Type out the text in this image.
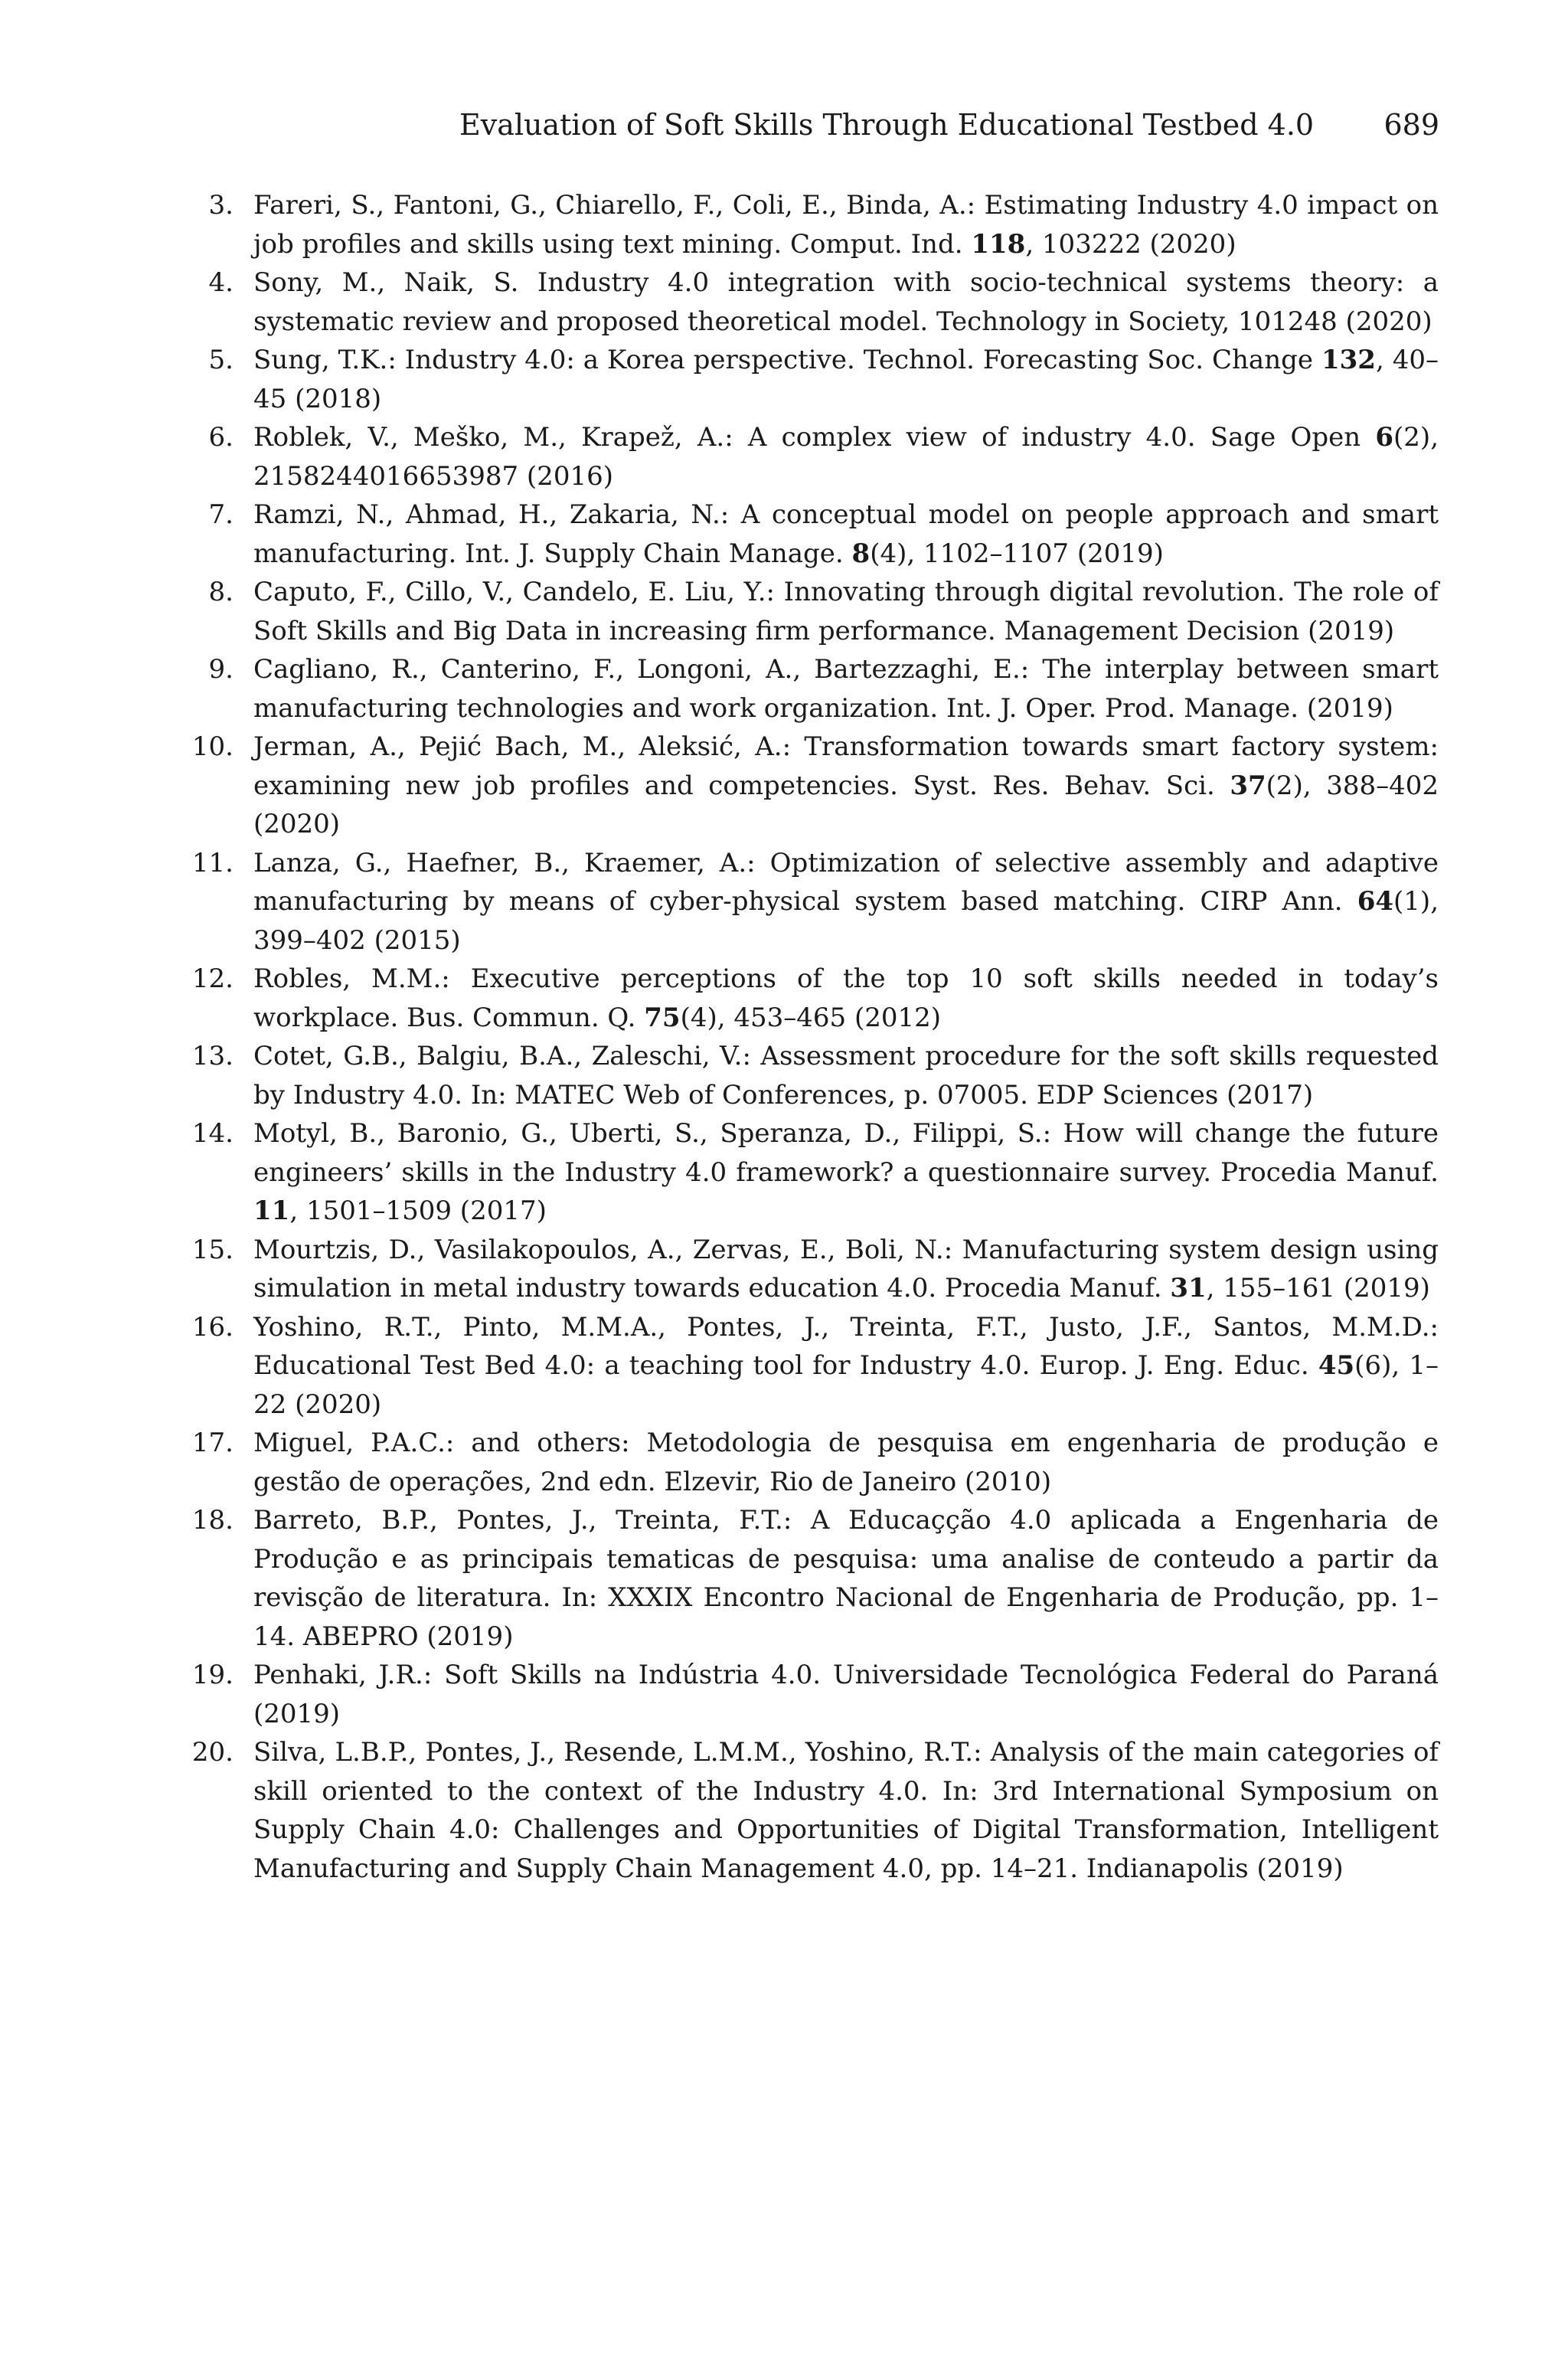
Evaluation of Soft Skills Through Educational Testbed 4.0 689
3. Fareri, S., Fantoni, G., Chiarello, F., Coli, E., Binda, A.: Estimating Industry 4.0 impact on job profiles and skills using text mining. Comput. Ind. 118, 103222 (2020)
4. Sony, M., Naik, S. Industry 4.0 integration with socio-technical systems theory: a systematic review and proposed theoretical model. Technology in Society, 101248 (2020)
5. Sung, T.K.: Industry 4.0: a Korea perspective. Technol. Forecasting Soc. Change 132, 40–45 (2018)
6. Roblek, V., Meško, M., Krapež, A.: A complex view of industry 4.0. Sage Open 6(2), 2158244016653987 (2016)
7. Ramzi, N., Ahmad, H., Zakaria, N.: A conceptual model on people approach and smart manufacturing. Int. J. Supply Chain Manage. 8(4), 1102–1107 (2019)
8. Caputo, F., Cillo, V., Candelo, E. Liu, Y.: Innovating through digital revolution. The role of Soft Skills and Big Data in increasing firm performance. Management Decision (2019)
9. Cagliano, R., Canterino, F., Longoni, A., Bartezzaghi, E.: The interplay between smart manufacturing technologies and work organization. Int. J. Oper. Prod. Manage. (2019)
10. Jerman, A., Pejić Bach, M., Aleksić, A.: Transformation towards smart factory system: examining new job profiles and competencies. Syst. Res. Behav. Sci. 37(2), 388–402 (2020)
11. Lanza, G., Haefner, B., Kraemer, A.: Optimization of selective assembly and adaptive manufacturing by means of cyber-physical system based matching. CIRP Ann. 64(1), 399–402 (2015)
12. Robles, M.M.: Executive perceptions of the top 10 soft skills needed in today’s workplace. Bus. Commun. Q. 75(4), 453–465 (2012)
13. Cotet, G.B., Balgiu, B.A., Zaleschi, V.: Assessment procedure for the soft skills requested by Industry 4.0. In: MATEC Web of Conferences, p. 07005. EDP Sciences (2017)
14. Motyl, B., Baronio, G., Uberti, S., Speranza, D., Filippi, S.: How will change the future engineers’ skills in the Industry 4.0 framework? a questionnaire survey. Procedia Manuf. 11, 1501–1509 (2017)
15. Mourtzis, D., Vasilakopoulos, A., Zervas, E., Boli, N.: Manufacturing system design using simulation in metal industry towards education 4.0. Procedia Manuf. 31, 155–161 (2019)
16. Yoshino, R.T., Pinto, M.M.A., Pontes, J., Treinta, F.T., Justo, J.F., Santos, M.M.D.: Educational Test Bed 4.0: a teaching tool for Industry 4.0. Europ. J. Eng. Educ. 45(6), 1–22 (2020)
17. Miguel, P.A.C.: and others: Metodologia de pesquisa em engenharia de produção e gestão de operações, 2nd edn. Elzevir, Rio de Janeiro (2010)
18. Barreto, B.P., Pontes, J., Treinta, F.T.: A Educaçção 4.0 aplicada a Engenharia de Produção e as principais tematicas de pesquisa: uma analise de conteudo a partir da revisção de literatura. In: XXXIX Encontro Nacional de Engenharia de Produção, pp. 1–14. ABEPRO (2019)
19. Penhaki, J.R.: Soft Skills na Indústria 4.0. Universidade Tecnológica Federal do Paraná (2019)
20. Silva, L.B.P., Pontes, J., Resende, L.M.M., Yoshino, R.T.: Analysis of the main categories of skill oriented to the context of the Industry 4.0. In: 3rd International Symposium on Supply Chain 4.0: Challenges and Opportunities of Digital Transformation, Intelligent Manufacturing and Supply Chain Management 4.0, pp. 14–21. Indianapolis (2019)
